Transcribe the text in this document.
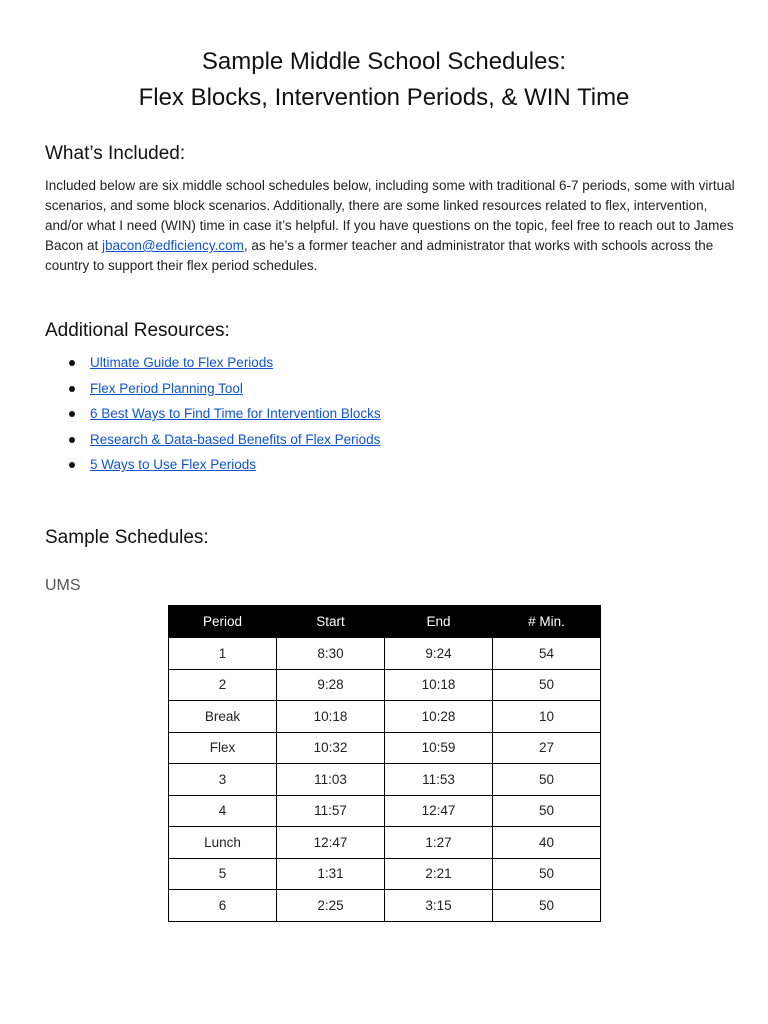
Sample Middle School Schedules:
Flex Blocks, Intervention Periods, & WIN Time
What’s Included:

Included below are six middle school schedules below, including some with traditional 6-7 periods, some with virtual scenarios, and some block scenarios. Additionally, there are some linked resources related to flex, intervention, and/or what I need (WIN) time in case it’s helpful. If you have questions on the topic, feel free to reach out to James Bacon at jbacon@edficiency.com, as he’s a former teacher and administrator that works with schools across the country to support their flex period schedules.

Additional Resources:
Ultimate Guide to Flex Periods
Flex Period Planning Tool
6 Best Ways to Find Time for Intervention Blocks
Research & Data-based Benefits of Flex Periods
5 Ways to Use Flex Periods
Sample Schedules:

UMS

Period	Start	End	# Min.
1	8:30	9:24	54
2	9:28	10:18	50
Break	10:18	10:28	10
Flex	10:32	10:59	27
3	11:03	11:53	50
4	11:57	12:47	50
Lunch	12:47	1:27	40
5	1:31	2:21	50
6	2:25	3:15	50
